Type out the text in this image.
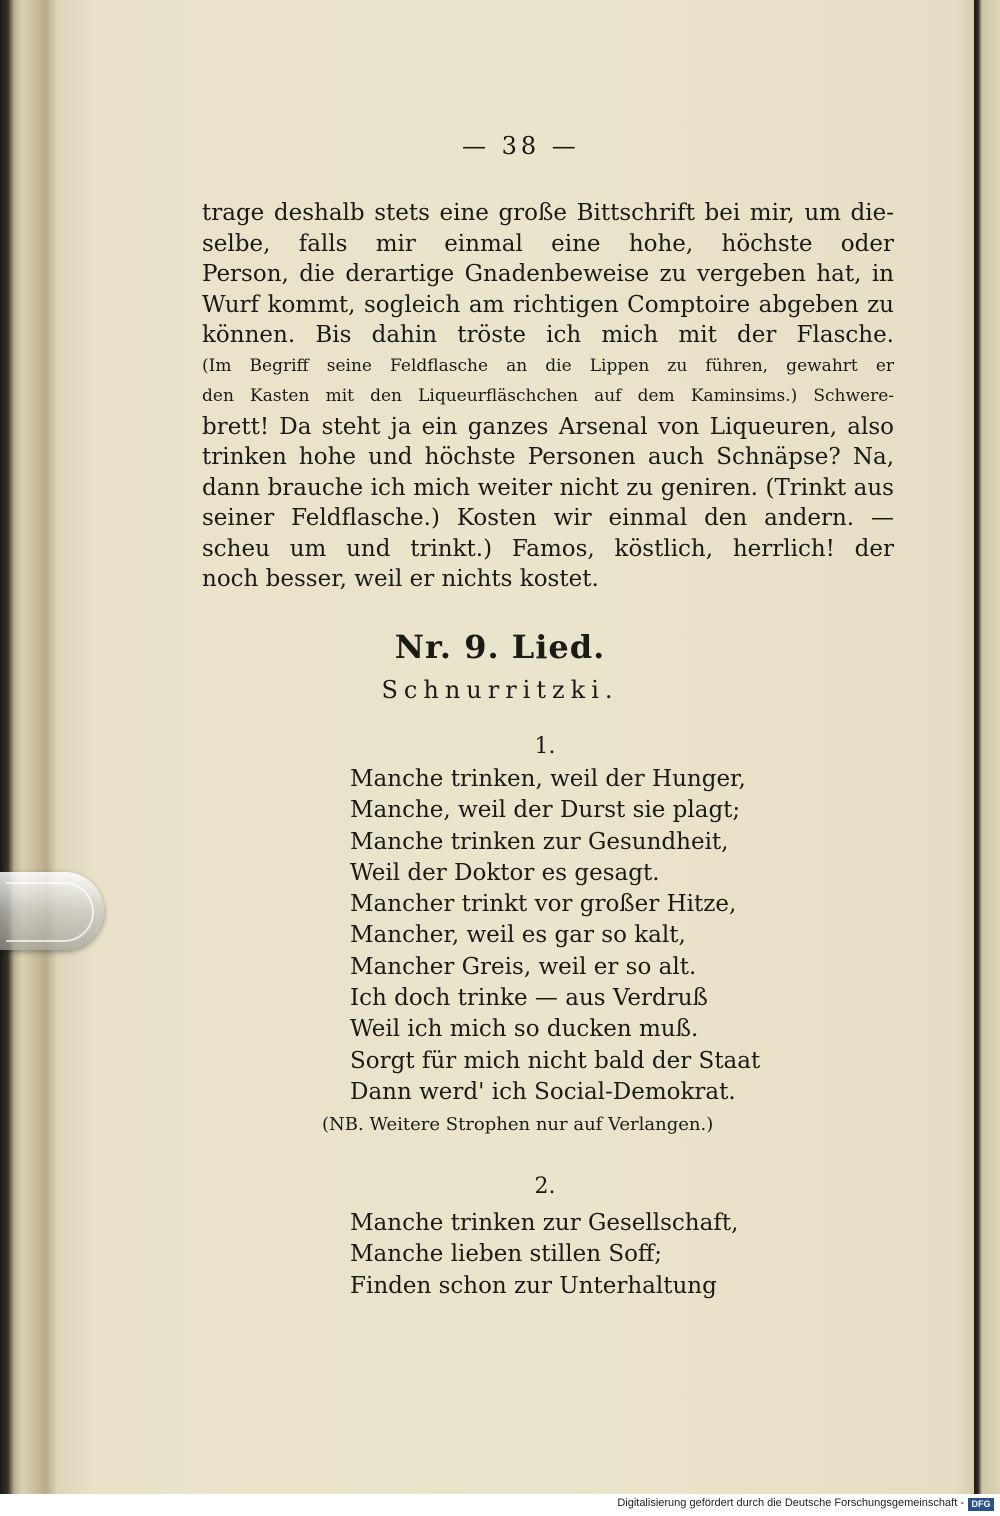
— 38 —
trage deshalb stets eine große Bittschrift bei mir, um die-
selbe, falls mir einmal eine hohe, höchste oder
Person, die derartige Gnadenbeweise zu vergeben hat, in
Wurf kommt, sogleich am richtigen Comptoire abgeben zu
können. Bis dahin tröste ich mich mit der Flasche.
(Im Begriff seine Feldflasche an die Lippen zu führen, gewahrt er
den Kasten mit den Liqueurfläschchen auf dem Kaminsims.) Schwere-
brett! Da steht ja ein ganzes Arsenal von Liqueuren, also
trinken hohe und höchste Personen auch Schnäpse? Na,
dann brauche ich mich weiter nicht zu geniren. (Trinkt aus
seiner Feldflasche.) Kosten wir einmal den andern. —
scheu um und trinkt.) Famos, köstlich, herrlich! der
noch besser, weil er nichts kostet.
Nr. 9. Lied.
Schnurritzki.
1.
Manche trinken, weil der Hunger,
Manche, weil der Durst sie plagt;
Manche trinken zur Gesundheit,
Weil der Doktor es gesagt.
Mancher trinkt vor großer Hitze,
Mancher, weil es gar so kalt,
Mancher Greis, weil er so alt.
Ich doch trinke — aus Verdruß
Weil ich mich so ducken muß.
Sorgt für mich nicht bald der Staat
Dann werd' ich Social-Demokrat.
(NB. Weitere Strophen nur auf Verlangen.)
2.
Manche trinken zur Gesellschaft,
Manche lieben stillen Soff;
Finden schon zur Unterhaltung
Digitalisierung gefördert durch die Deutsche Forschungsgemeinschaft - DFG
